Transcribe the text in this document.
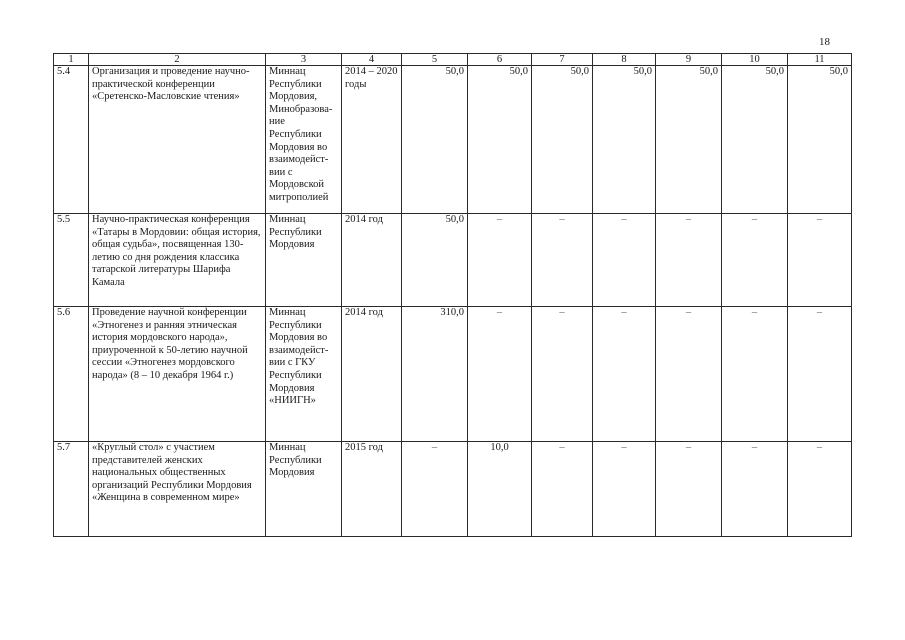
18
1	2	3	4	5	6	7	8	9	10	11
5.4	Организация и проведение научно-практической конференции «Сретенско-Масловские чтения»	Миннац Республики Мордовия, Минобразова-ние Республики Мордовия во взаимодейст-вии с Мордовской митрополией	2014 – 2020 годы	50,0	50,0	50,0	50,0	50,0	50,0	50,0
5.5	Научно-практическая конференция «Татары в Мордовии: общая история, общая судьба», посвященная 130-летию со дня рождения классика татарской литературы Шарифа Камала	Миннац Республики Мордовия	2014 год	50,0	–	–	–	–	–	–
5.6	Проведение научной конференции «Этногенез и ранняя этническая история мордовского народа», приуроченной к 50-летию научной сессии «Этногенез мордовского народа» (8 – 10 декабря 1964 г.)	Миннац Республики Мордовия во взаимодейст-вии с ГКУ Республики Мордовия «НИИГН»	2014 год	310,0	–	–	–	–	–	–
5.7	«Круглый стол» с участием представителей женских национальных общественных организаций Республики Мордовия «Женщина в современном мире»	Миннац Республики Мордовия	2015 год	–	10,0	–	–	–	–	–
